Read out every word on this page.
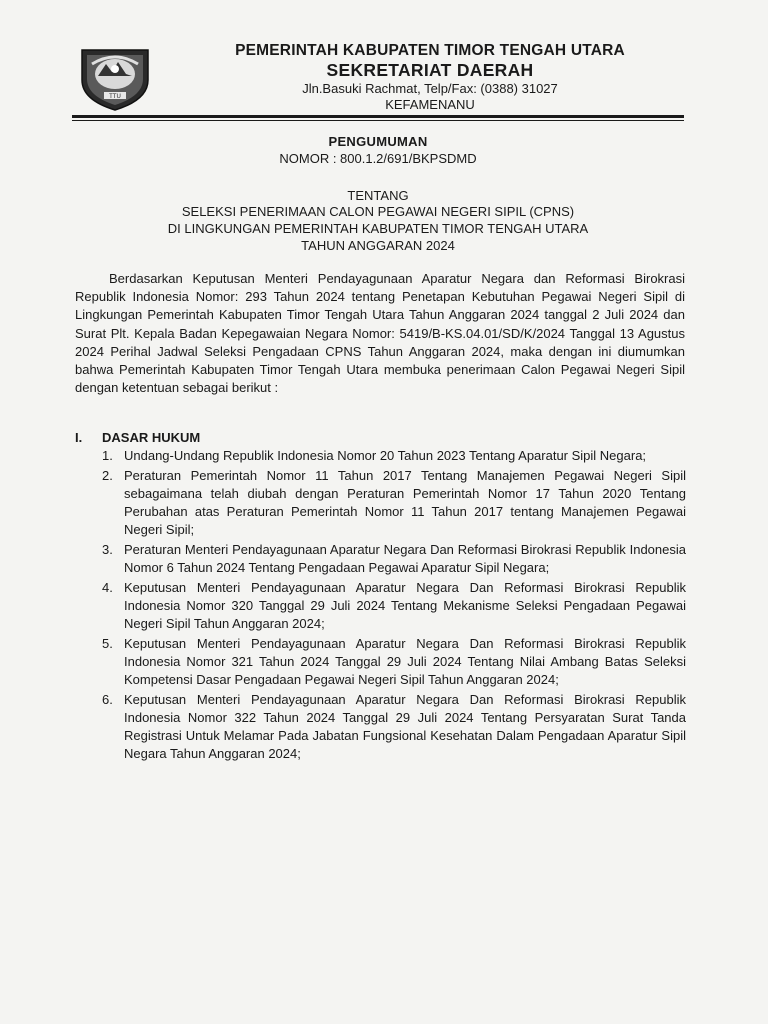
TTU
PEMERINTAH KABUPATEN TIMOR TENGAH UTARA
SEKRETARIAT DAERAH
Jln.Basuki Rachmat, Telp/Fax: (0388) 31027
KEFAMENANU
PENGUMUMAN
NOMOR : 800.1.2/691/BKPSDMD
TENTANG
SELEKSI PENERIMAAN CALON PEGAWAI NEGERI SIPIL (CPNS)
DI LINGKUNGAN PEMERINTAH KABUPATEN TIMOR TENGAH UTARA
TAHUN ANGGARAN 2024
Berdasarkan Keputusan Menteri Pendayagunaan Aparatur Negara dan Reformasi Birokrasi Republik Indonesia Nomor: 293 Tahun 2024 tentang Penetapan Kebutuhan Pegawai Negeri Sipil di Lingkungan Pemerintah Kabupaten Timor Tengah Utara Tahun Anggaran 2024 tanggal 2 Juli 2024 dan Surat Plt. Kepala Badan Kepegawaian Negara Nomor: 5419/B-KS.04.01/SD/K/2024 Tanggal 13 Agustus 2024 Perihal Jadwal Seleksi Pengadaan CPNS Tahun Anggaran 2024, maka dengan ini diumumkan bahwa Pemerintah Kabupaten Timor Tengah Utara membuka penerimaan Calon Pegawai Negeri Sipil dengan ketentuan sebagai berikut :
I. DASAR HUKUM
1. Undang-Undang Republik Indonesia Nomor 20 Tahun 2023 Tentang Aparatur Sipil Negara;
2. Peraturan Pemerintah Nomor 11 Tahun 2017 Tentang Manajemen Pegawai Negeri Sipil sebagaimana telah diubah dengan Peraturan Pemerintah Nomor 17 Tahun 2020 Tentang Perubahan atas Peraturan Pemerintah Nomor 11 Tahun 2017 tentang Manajemen Pegawai Negeri Sipil;
3. Peraturan Menteri Pendayagunaan Aparatur Negara Dan Reformasi Birokrasi Republik Indonesia Nomor 6 Tahun 2024 Tentang Pengadaan Pegawai Aparatur Sipil Negara;
4. Keputusan Menteri Pendayagunaan Aparatur Negara Dan Reformasi Birokrasi Republik Indonesia Nomor 320 Tanggal 29 Juli 2024 Tentang Mekanisme Seleksi Pengadaan Pegawai Negeri Sipil Tahun Anggaran 2024;
5. Keputusan Menteri Pendayagunaan Aparatur Negara Dan Reformasi Birokrasi Republik Indonesia Nomor 321 Tahun 2024 Tanggal 29 Juli 2024 Tentang Nilai Ambang Batas Seleksi Kompetensi Dasar Pengadaan Pegawai Negeri Sipil Tahun Anggaran 2024;
6. Keputusan Menteri Pendayagunaan Aparatur Negara Dan Reformasi Birokrasi Republik Indonesia Nomor 322 Tahun 2024 Tanggal 29 Juli 2024 Tentang Persyaratan Surat Tanda Registrasi Untuk Melamar Pada Jabatan Fungsional Kesehatan Dalam Pengadaan Aparatur Sipil Negara Tahun Anggaran 2024;
